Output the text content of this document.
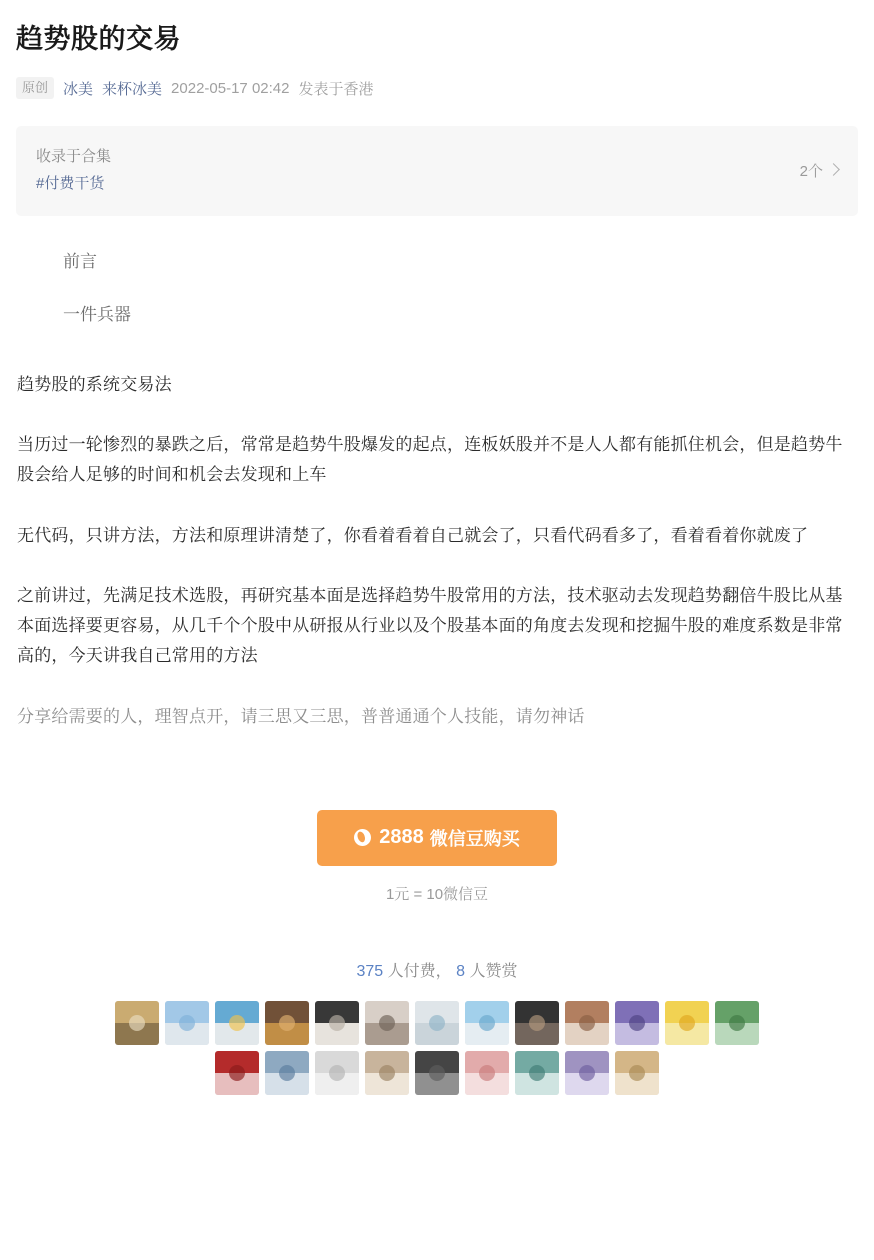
趋势股的交易
原创	冰美 来杯冰美 2022-05-17 02:42 发表于香港
收录于合集
#付费干货
2个
前言
一件兵器

趋势股的系统交易法

当历过一轮惨烈的暴跌之后，常常是趋势牛股爆发的起点，连板妖股并不是人人都有能抓住机会，但是趋势牛股会给人足够的时间和机会去发现和上车

无代码，只讲方法，方法和原理讲清楚了，你看着看着自己就会了，只看代码看多了，看着看着你就废了

之前讲过，先满足技术选股，再研究基本面是选择趋势牛股常用的方法，技术驱动去发现趋势翻倍牛股比从基本面选择要更容易，从几千个个股中从研报从行业以及个股基本面的角度去发现和挖掘牛股的难度系数是非常高的，今天讲我自己常用的方法

分享给需要的人，理智点开，请三思又三思，普普通通个人技能，请勿神话

2888 微信豆购买
1元 = 10微信豆
375 人付费， 8 人赞赏
